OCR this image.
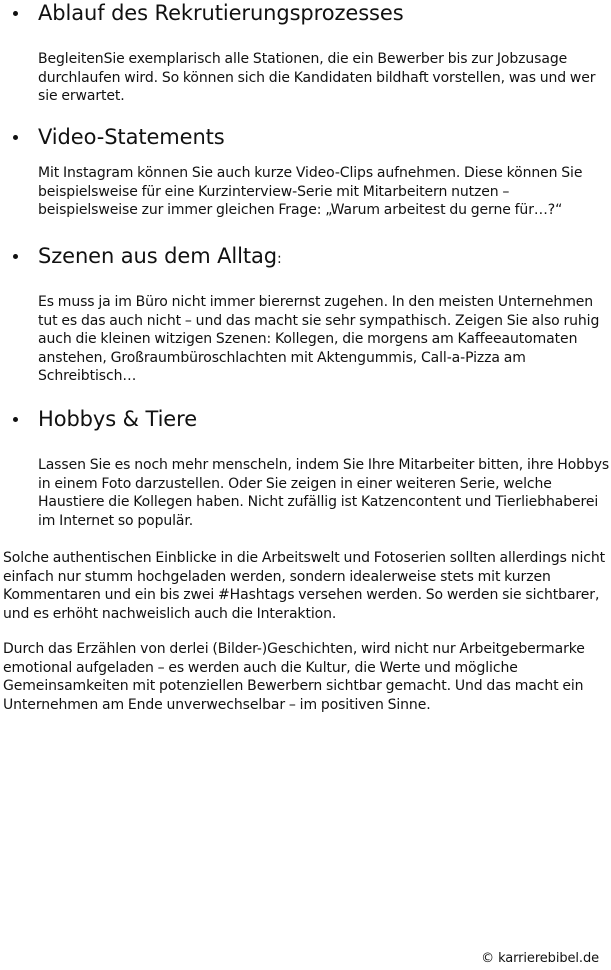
Ablauf des Rekrutierungsprozesses

BegleitenSie exemplarisch alle Stationen, die ein Bewerber bis zur Jobzusage durchlaufen wird. So können sich die Kandidaten bildhaft vorstellen, was und wer sie erwartet.

Video-Statements

Mit Instagram können Sie auch kurze Video-Clips aufnehmen. Diese können Sie beispielsweise für eine Kurzinterview-Serie mit Mitarbeitern nutzen – beispielsweise zur immer gleichen Frage: „Warum arbeitest du gerne für…?“

Szenen aus dem Alltag:

Es muss ja im Büro nicht immer bierernst zugehen. In den meisten Unternehmen tut es das auch nicht – und das macht sie sehr sympathisch. Zeigen Sie also ruhig auch die kleinen witzigen Szenen: Kollegen, die morgens am Kaffeeautomaten anstehen, Großraumbüroschlachten mit Aktengummis, Call-a-Pizza am Schreibtisch…

Hobbys & Tiere

Lassen Sie es noch mehr menscheln, indem Sie Ihre Mitarbeiter bitten, ihre Hobbys in einem Foto darzustellen. Oder Sie zeigen in einer weiteren Serie, welche Haustiere die Kollegen haben. Nicht zufällig ist Katzencontent und Tierliebhaberei im Internet so populär.

Solche authentischen Einblicke in die Arbeitswelt und Fotoserien sollten allerdings nicht einfach nur stumm hochgeladen werden, sondern idealerweise stets mit kurzen Kommentaren und ein bis zwei #Hashtags versehen werden. So werden sie sichtbarer, und es erhöht nachweislich auch die Interaktion.

Durch das Erzählen von derlei (Bilder-)Geschichten, wird nicht nur Arbeitgebermarke emotional aufgeladen – es werden auch die Kultur, die Werte und mögliche Gemeinsamkeiten mit potenziellen Bewerbern sichtbar gemacht. Und das macht ein Unternehmen am Ende unverwechselbar – im positiven Sinne.

© karrierebibel.de
